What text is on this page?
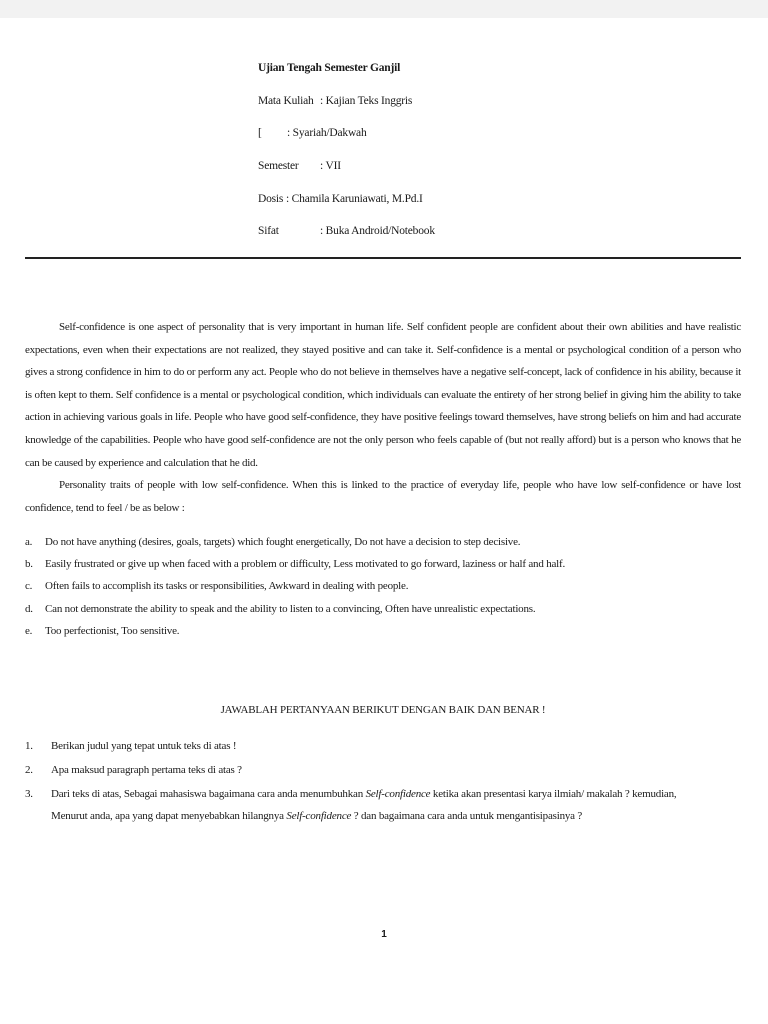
Ujian Tengah Semester Ganjil
Mata Kuliah : Kajian Teks Inggris
[ : Syariah/Dakwah
Semester : VII
Dosis : Chamila Karuniawati, M.Pd.I
Sifat	: Buka Android/Notebook

Self-confidence is one aspect of personality that is very important in human life. Self confident people are confident about their own abilities and have realistic expectations, even when their expectations are not realized, they stayed positive and can take it. Self-confidence is a mental or psychological condition of a person who gives a strong confidence in him to do or perform any act. People who do not believe in themselves have a negative self-concept, lack of confidence in his ability, because it is often kept to them. Self confidence is a mental or psychological condition, which individuals can evaluate the entirety of her strong belief in giving him the ability to take action in achieving various goals in life. People who have good self-confidence, they have positive feelings toward themselves, have strong beliefs on him and had accurate knowledge of the capabilities. People who have good self-confidence are not the only person who feels capable of (but not really afford) but is a person who knows that he can be caused by experience and calculation that he did.

Personality traits of people with low self-confidence. When this is linked to the practice of everyday life, people who have low self-confidence or have lost confidence, tend to feel / be as below :

a. Do not have anything (desires, goals, targets) which fought energetically, Do not have a decision to step decisive.
b. Easily frustrated or give up when faced with a problem or difficulty, Less motivated to go forward, laziness or half and half.
c. Often fails to accomplish its tasks or responsibilities, Awkward in dealing with people.
d. Can not demonstrate the ability to speak and the ability to listen to a convincing, Often have unrealistic expectations.
e. Too perfectionist, Too sensitive.
JAWABLAH PERTANYAAN BERIKUT DENGAN BAIK DAN BENAR !
1. Berikan judul yang tepat untuk teks di atas !
2. Apa maksud paragraph pertama teks di atas ?
3. Dari teks di atas, Sebagai mahasiswa bagaimana cara anda menumbuhkan Self-confidence ketika akan presentasi karya ilmiah/ makalah ? kemudian,
Menurut anda, apa yang dapat menyebabkan hilangnya Self-confidence ? dan bagaimana cara anda untuk mengantisipasinya ?
1
